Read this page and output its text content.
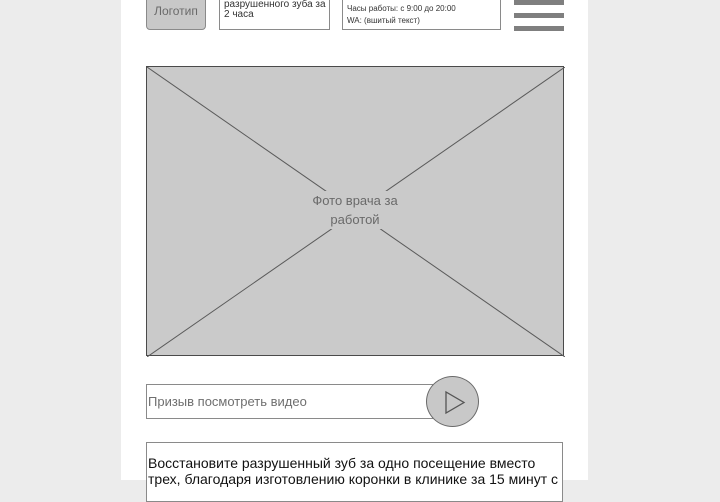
Логотип	разрушенного зуба за 2 часа
Часы работы: с 9:00 до 20:00
WA: (вшитый текст)
Фото врача за работой
Призыв посмотреть видео
Восстановите разрушенный зуб за одно посещение вместо трех, благодаря изготовлению коронки в клинике за 15 минут с
